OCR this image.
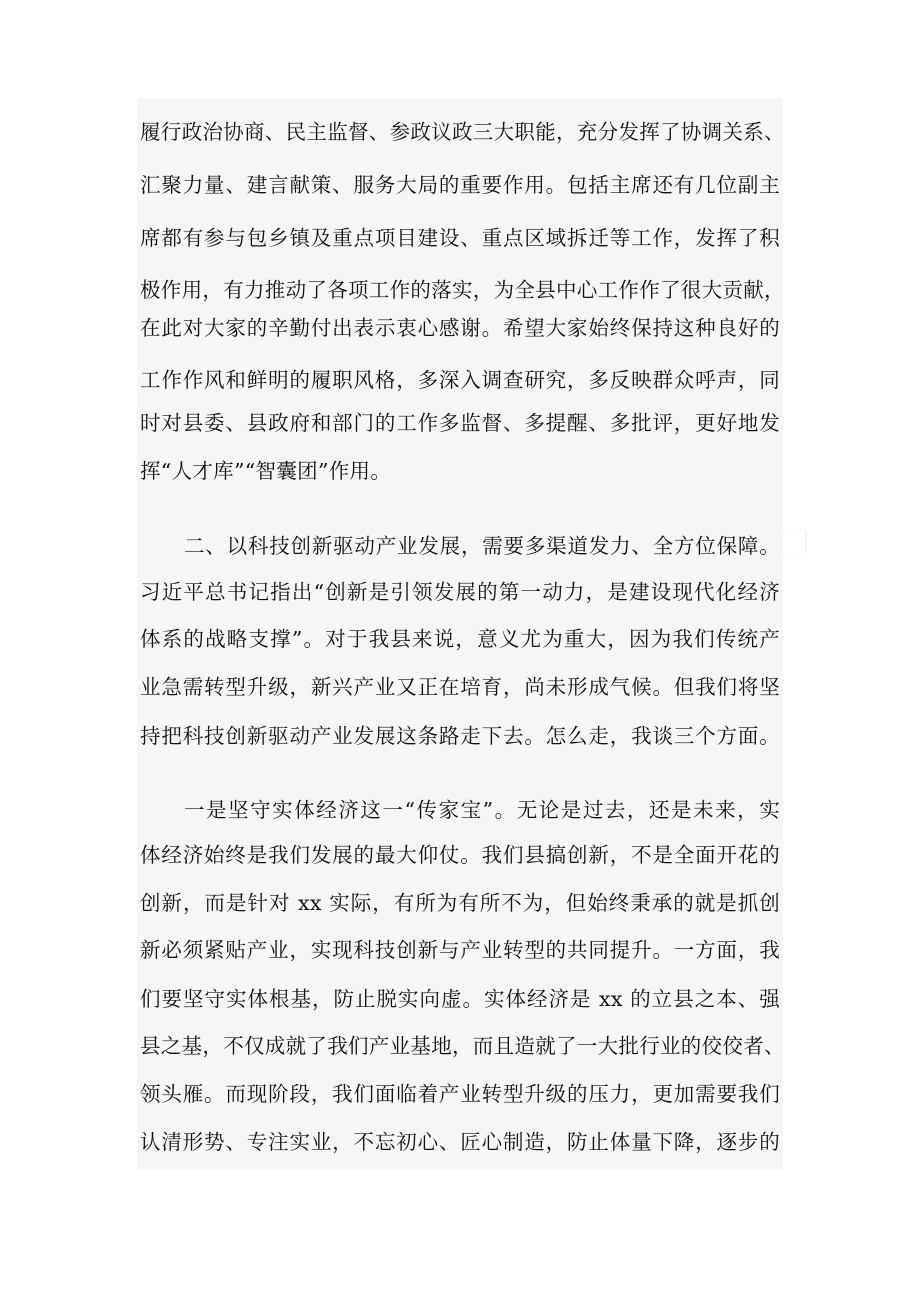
履行政治协商、民主监督、参政议政三大职能，充分发挥了协调关系、

汇聚力量、建言献策、服务大局的重要作用。包括主席还有几位副主

席都有参与包乡镇及重点项目建设、重点区域拆迁等工作，发挥了积

极作用，有力推动了各项工作的落实，为全县中心工作作了很大贡献，

在此对大家的辛勤付出表示衷心感谢。希望大家始终保持这种良好的

工作作风和鲜明的履职风格，多深入调查研究，多反映群众呼声，同

时对县委、县政府和部门的工作多监督、多提醒、多批评，更好地发

挥“人才库”“智囊团”作用。

二、以科技创新驱动产业发展，需要多渠道发力、全方位保障。

习近平总书记指出“创新是引领发展的第一动力，是建设现代化经济

体系的战略支撑”。对于我县来说，意义尤为重大，因为我们传统产

业急需转型升级，新兴产业又正在培育，尚未形成气候。但我们将坚

持把科技创新驱动产业发展这条路走下去。怎么走，我谈三个方面。

一是坚守实体经济这一“传家宝”。无论是过去，还是未来，实

体经济始终是我们发展的最大仰仗。我们县搞创新，不是全面开花的

创新，而是针对 xx 实际，有所为有所不为，但始终秉承的就是抓创

新必须紧贴产业，实现科技创新与产业转型的共同提升。一方面，我

们要坚守实体根基，防止脱实向虚。实体经济是 xx 的立县之本、强

县之基，不仅成就了我们产业基地，而且造就了一大批行业的佼佼者、

领头雁。而现阶段，我们面临着产业转型升级的压力，更加需要我们

认清形势、专注实业，不忘初心、匠心制造，防止体量下降，逐步的
